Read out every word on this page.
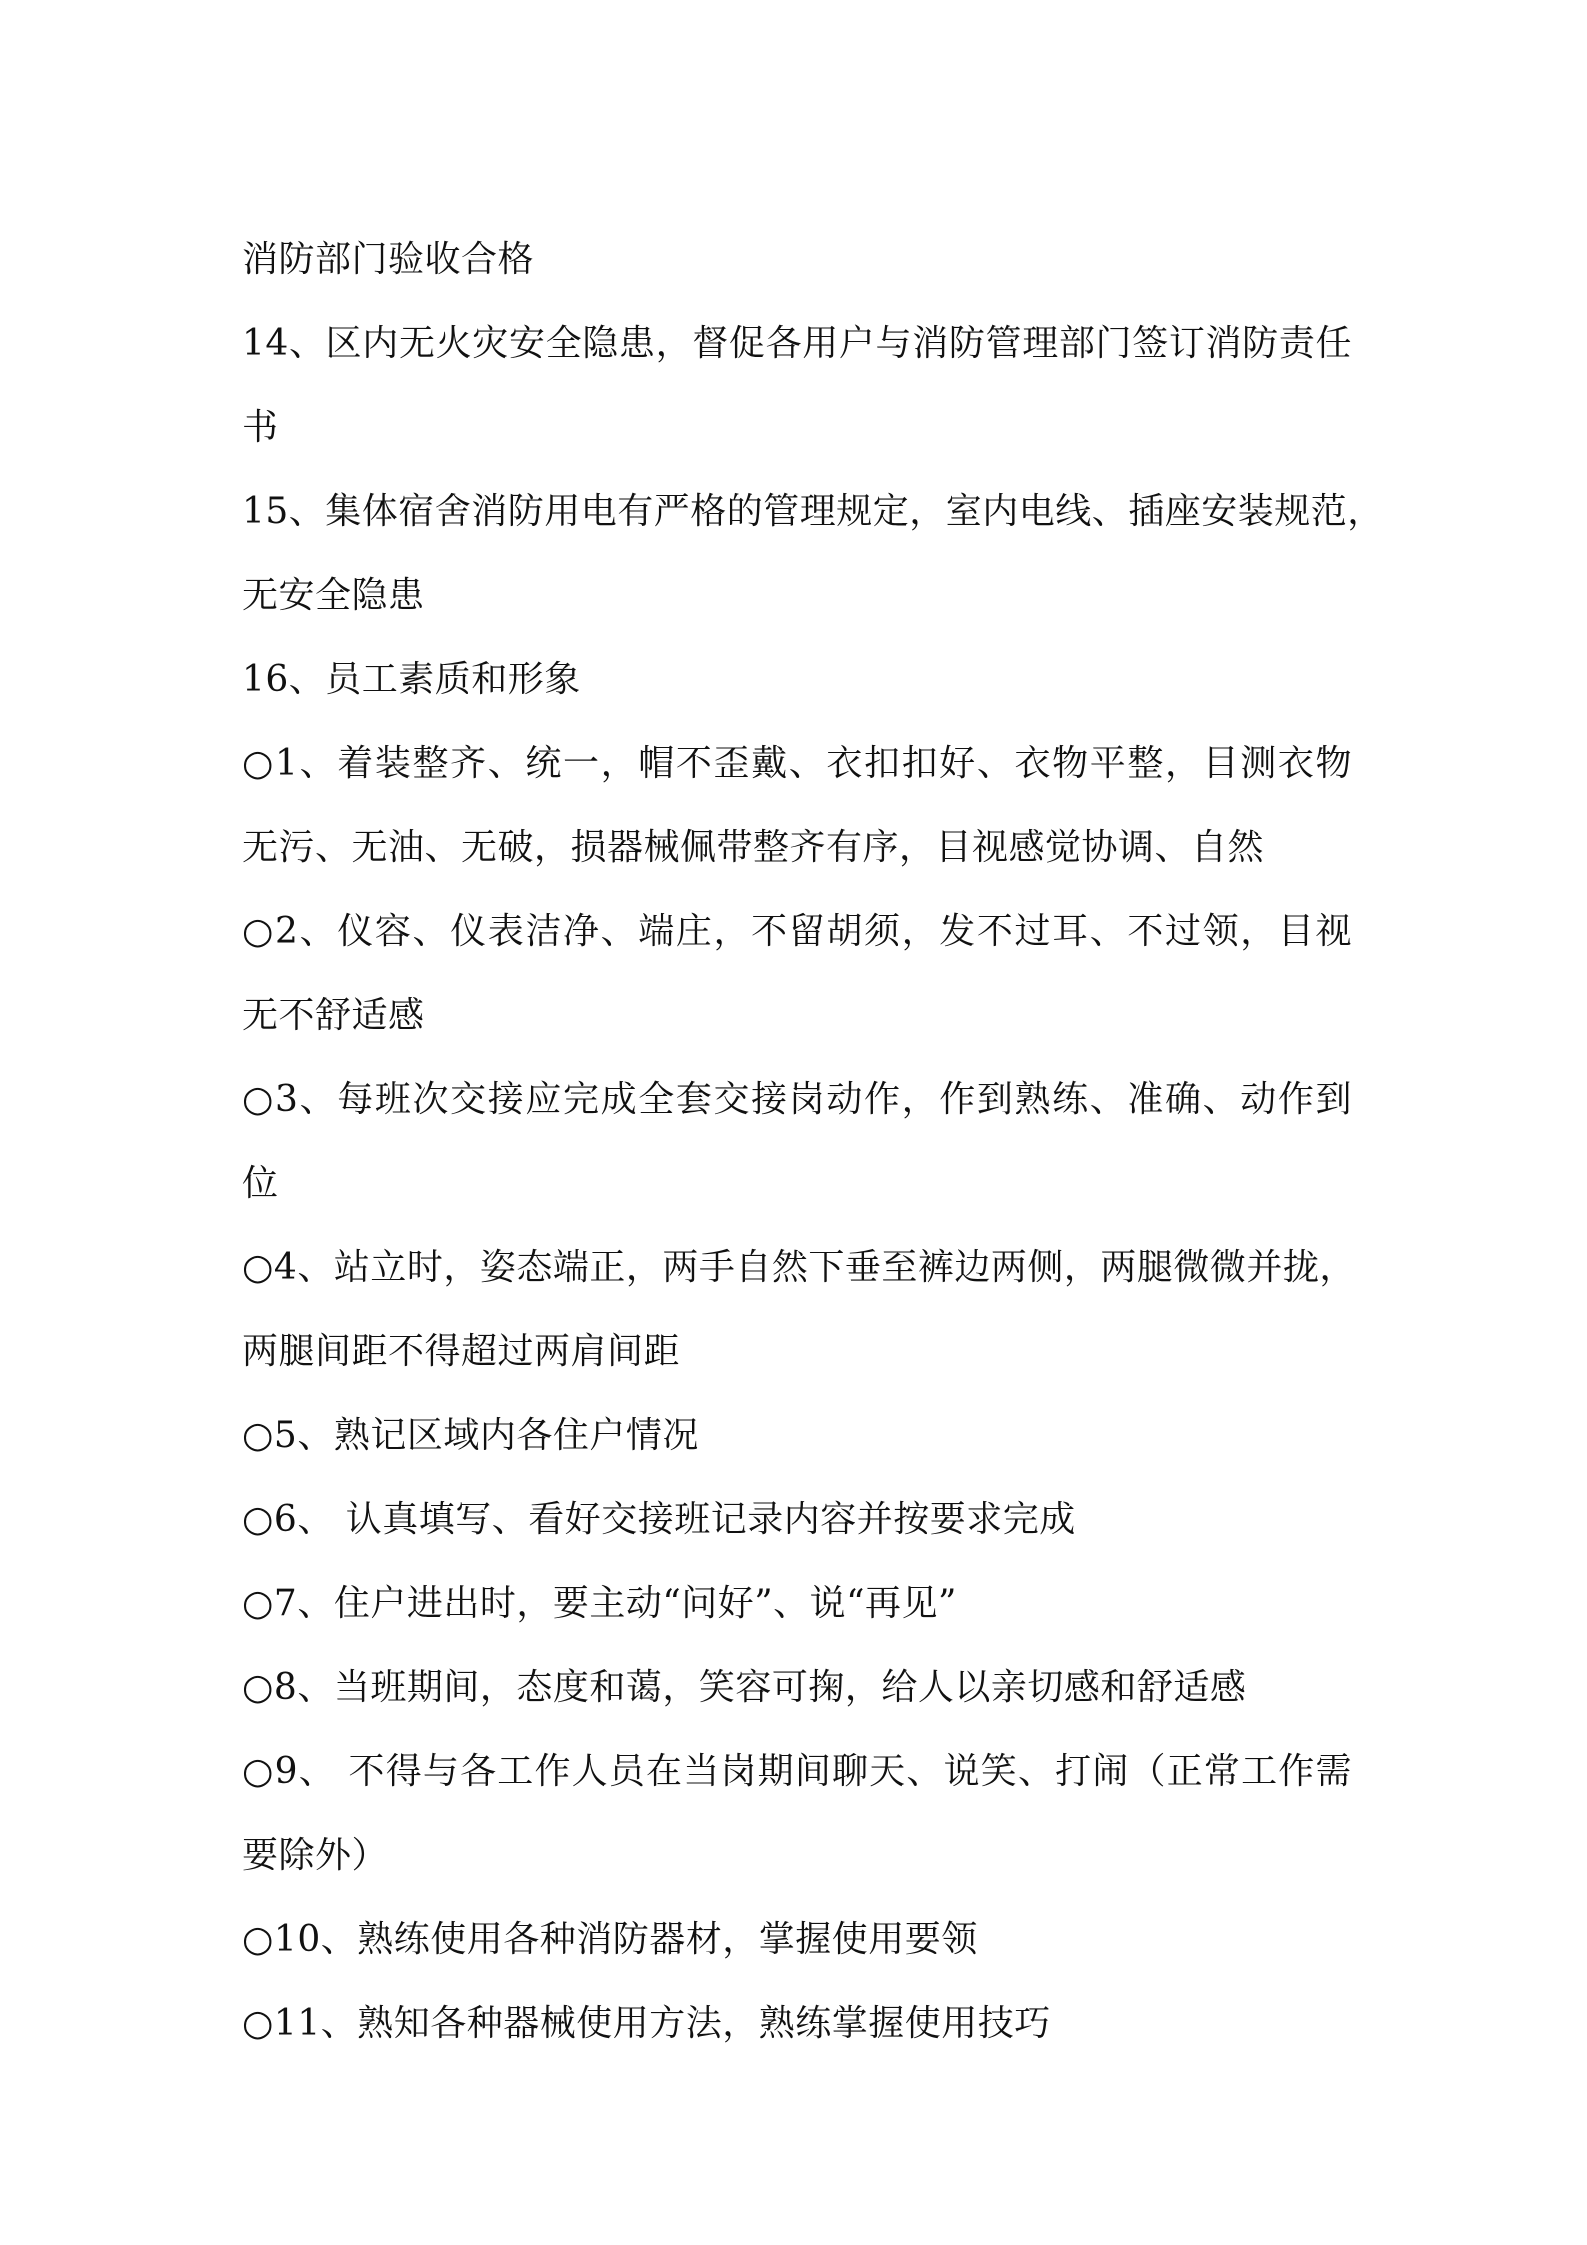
消防部门验收合格
14、区内无火灾安全隐患，督促各用户与消防管理部门签订消防责任
书
15、集体宿舍消防用电有严格的管理规定，室内电线、插座安装规范，
无安全隐患
16、员工素质和形象
○1、着装整齐、统一，帽不歪戴、衣扣扣好、衣物平整，目测衣物
无污、无油、无破，损器械佩带整齐有序，目视感觉协调、自然
○2、仪容、仪表洁净、端庄，不留胡须，发不过耳、不过领，目视
无不舒适感
○3、每班次交接应完成全套交接岗动作，作到熟练、准确、动作到
位
○4、站立时，姿态端正，两手自然下垂至裤边两侧，两腿微微并拢，
两腿间距不得超过两肩间距
○5、熟记区域内各住户情况
○6、 认真填写、看好交接班记录内容并按要求完成
○7、住户进出时，要主动“问好”、说“再见”
○8、当班期间，态度和蔼，笑容可掬，给人以亲切感和舒适感
○9、 不得与各工作人员在当岗期间聊天、说笑、打闹（正常工作需
要除外）
○10、熟练使用各种消防器材，掌握使用要领
○11、熟知各种器械使用方法，熟练掌握使用技巧
